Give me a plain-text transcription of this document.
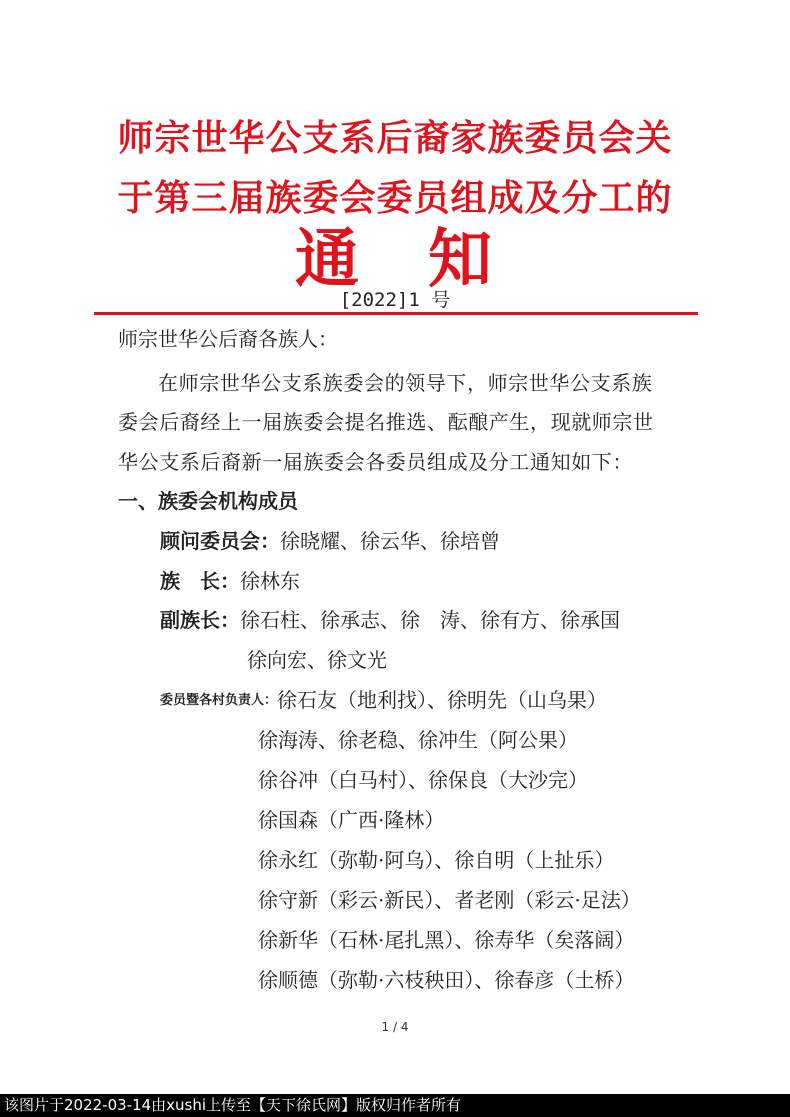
师宗世华公支系后裔家族委员会关
于第三届族委会委员组成及分工的
通 知
[2022]1 号
师宗世华公后裔各族人：
在师宗世华公支系族委会的领导下，师宗世华公支系族
委会后裔经上一届族委会提名推选、酝酿产生，现就师宗世
华公支系后裔新一届族委会各委员组成及分工通知如下：
一、族委会机构成员
顾问委员会：徐晓耀、徐云华、徐培曾
族　长：徐林东
副族长：徐石柱、徐承志、徐　涛、徐有方、徐承国
徐向宏、徐文光
委员暨各村负责人：徐石友（地利找）、徐明先（山乌果）
徐海涛、徐老稳、徐冲生（阿公果）
徐谷冲（白马村）、徐保良（大沙完）
徐国森（广西·隆林）
徐永红（弥勒·阿乌）、徐自明（上扯乐）
徐守新（彩云·新民）、者老刚（彩云·足法）
徐新华（石林·尾扎黑）、徐寿华（矣落阔）
徐顺德（弥勒·六枝秧田）、徐春彦（土桥）
1 / 4
该图片于2022-03-14由xushi上传至【天下徐氏网】版权归作者所有
